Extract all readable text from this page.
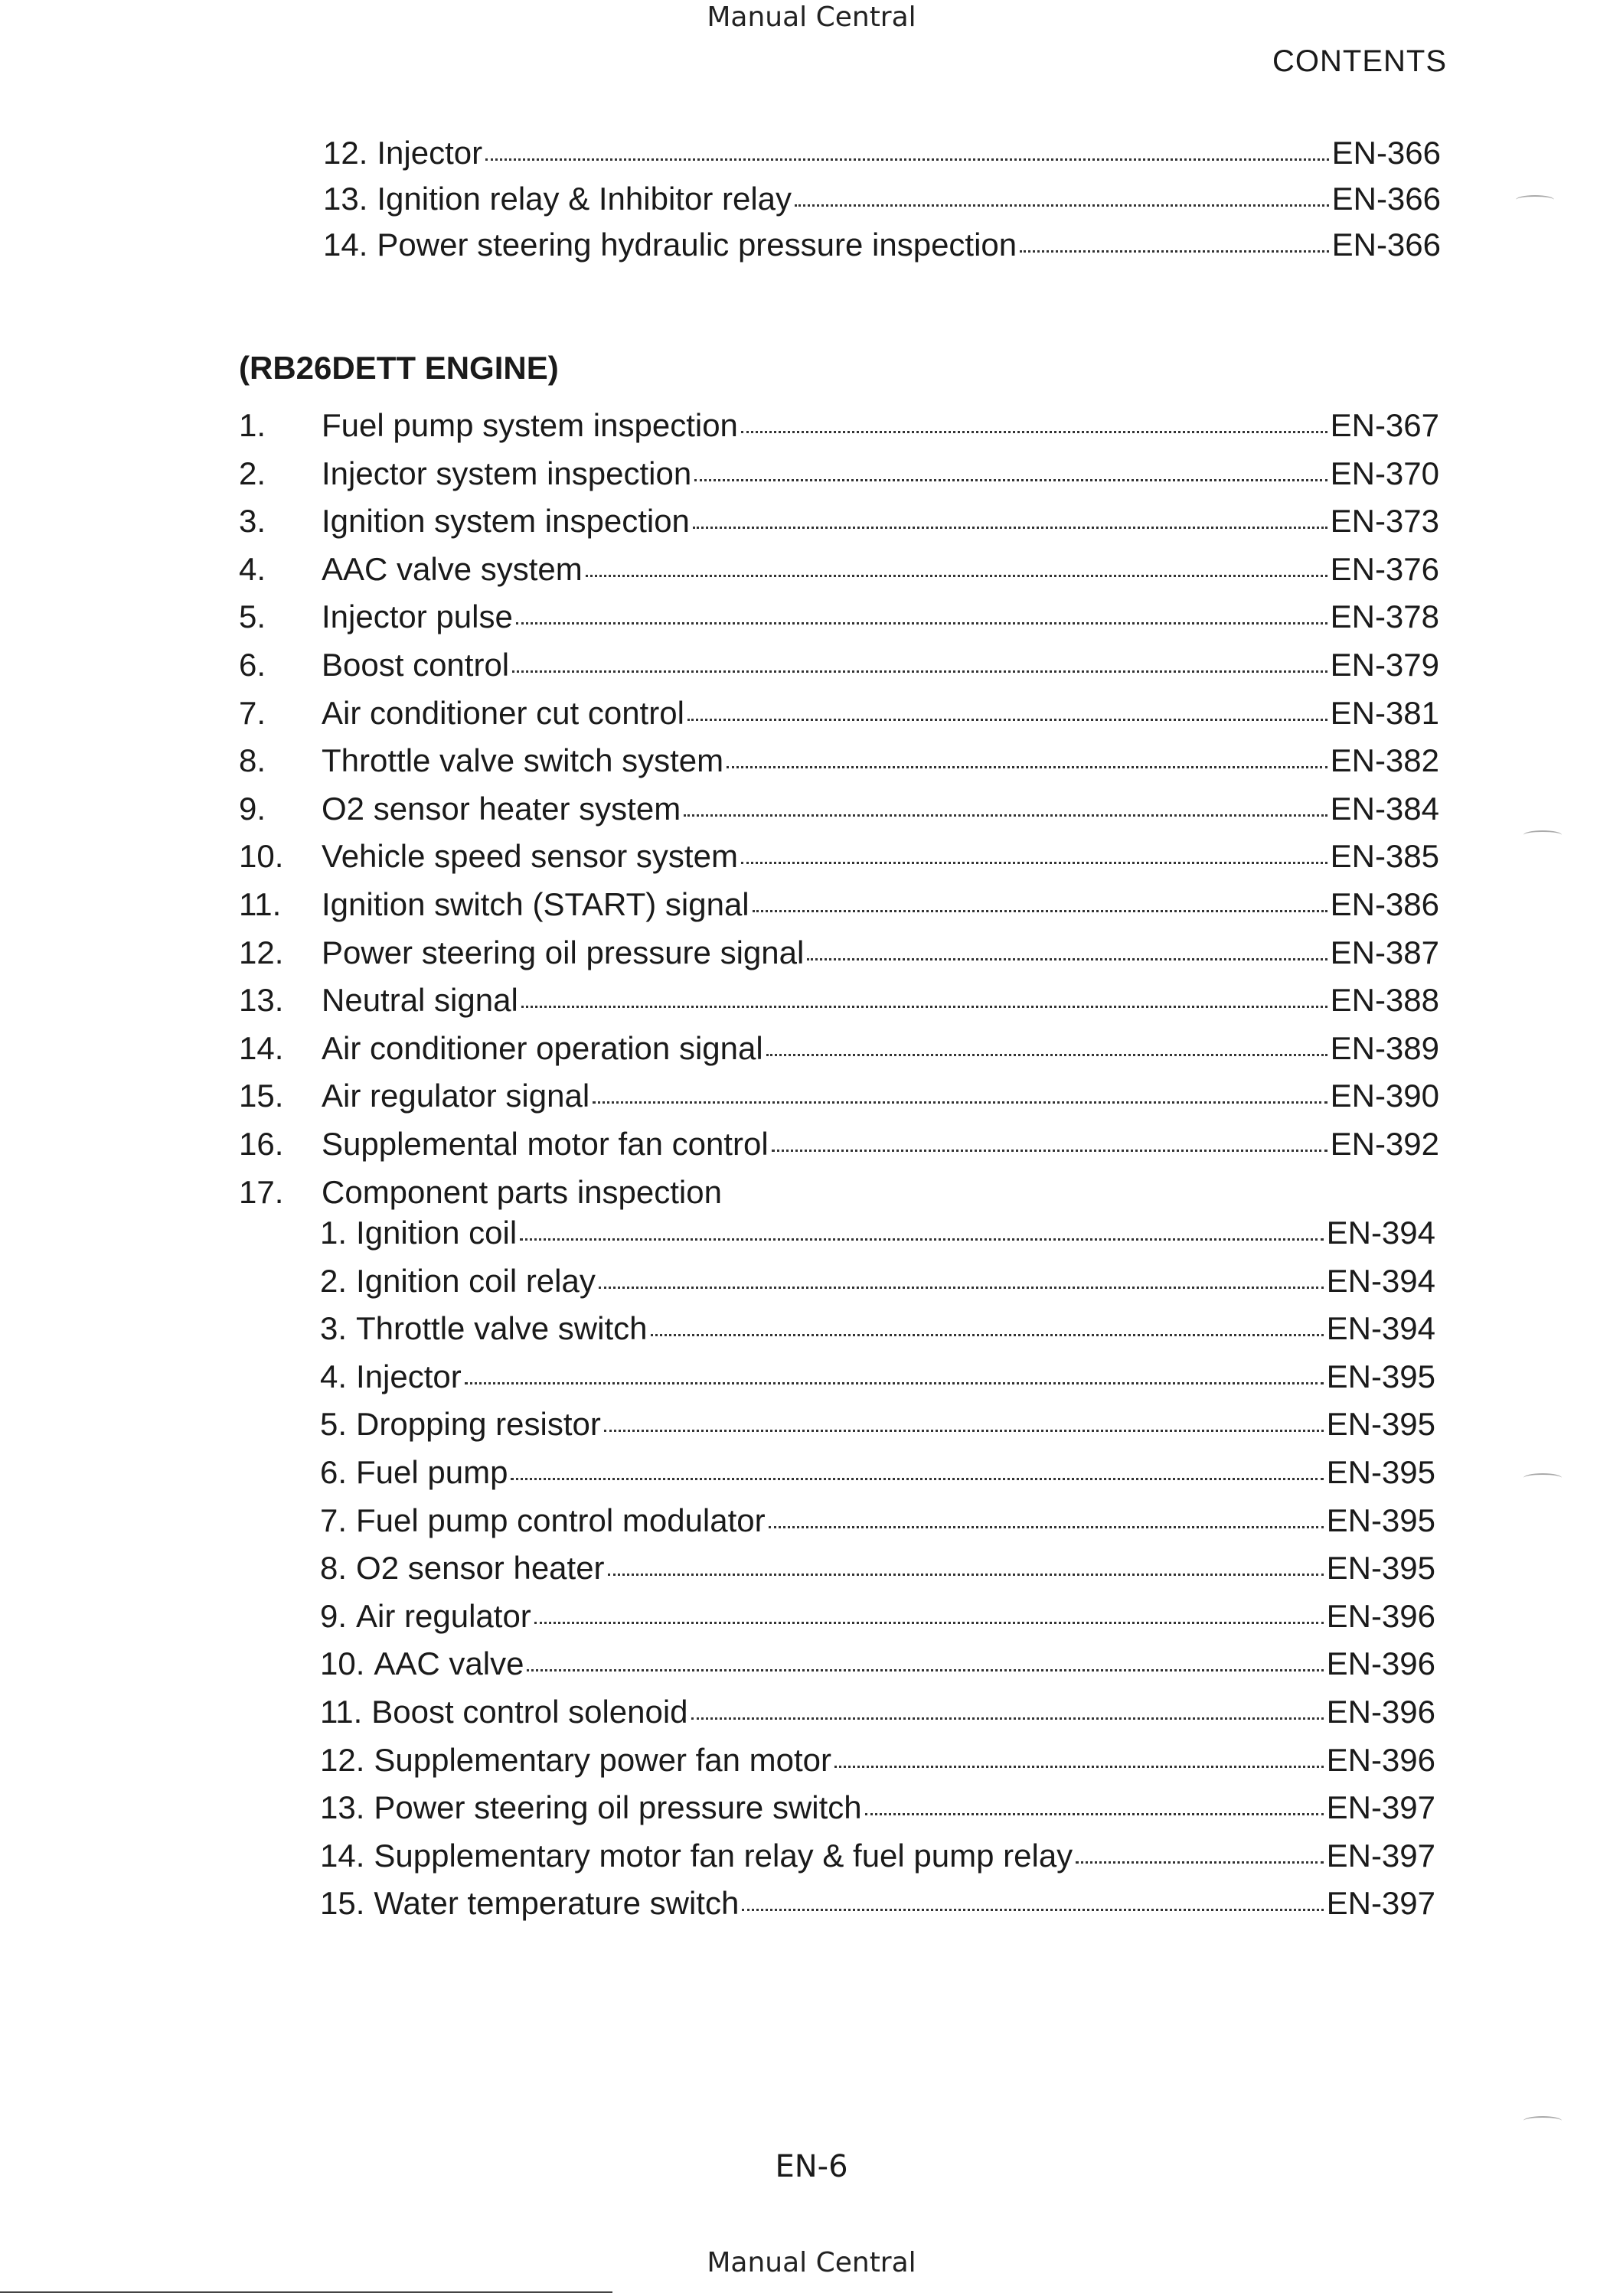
Manual Central
CONTENTS
(RB26DETT ENGINE)
12. Injector	EN-366
13. Ignition relay & Inhibitor relay	EN-366
14. Power steering hydraulic pressure inspection	EN-366
1.	Fuel pump system inspection	EN-367
2.	Injector system inspection	EN-370
3.	Ignition system inspection	EN-373
4.	AAC valve system	EN-376
5.	Injector pulse	EN-378
6.	Boost control	EN-379
7.	Air conditioner cut control	EN-381
8.	Throttle valve switch system	EN-382
9.	O2 sensor heater system	EN-384
10.	Vehicle speed sensor system	EN-385
11.	Ignition switch (START) signal	EN-386
12.	Power steering oil pressure signal	EN-387
13.	Neutral signal	EN-388
14.	Air conditioner operation signal	EN-389
15.	Air regulator signal	EN-390
16.	Supplemental motor fan control	EN-392
17.	Component parts inspection
1. Ignition coil	EN-394
2. Ignition coil relay	EN-394
3. Throttle valve switch	EN-394
4. Injector	EN-395
5. Dropping resistor	EN-395
6. Fuel pump	EN-395
7. Fuel pump control modulator	EN-395
8. O2 sensor heater	EN-395
9. Air regulator	EN-396
10. AAC valve	EN-396
11. Boost control solenoid	EN-396
12. Supplementary power fan motor	EN-396
13. Power steering oil pressure switch	EN-397
14. Supplementary motor fan relay & fuel pump relay	EN-397
15. Water temperature switch	EN-397
EN-6
Manual Central
